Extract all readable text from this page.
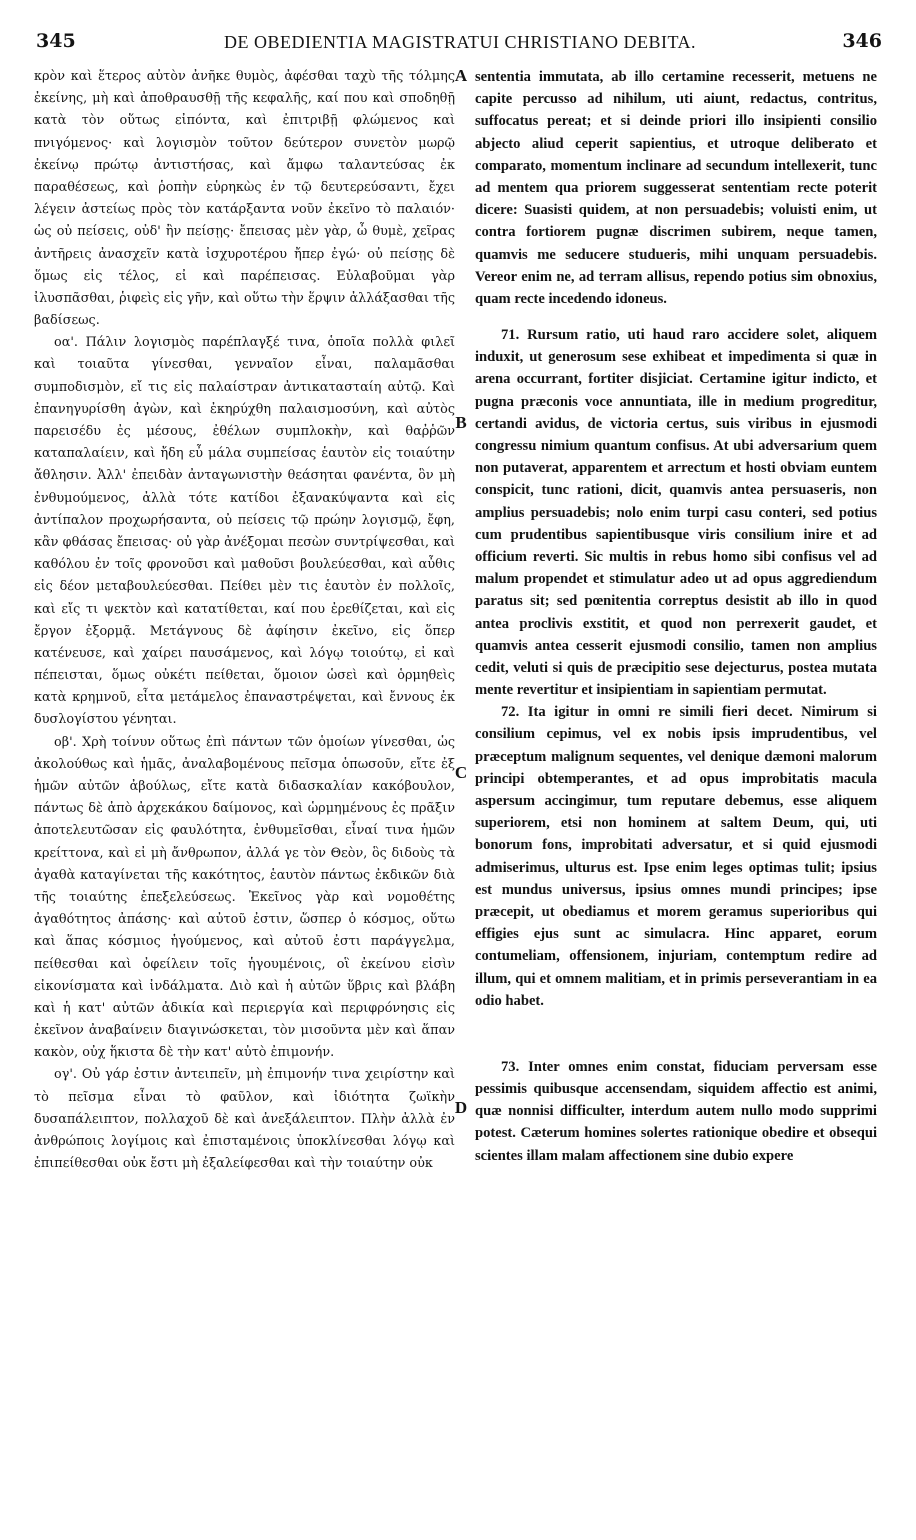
345	DE OBEDIENTIA MAGISTRATUI CHRISTIANO DEBITA.	346

κρὸν καὶ ἕτερος αὐτὸν ἀνῆκε θυμὸς, ἀφέσθαι ταχὺ τῆς τόλμης ἐκείνης, μὴ καὶ ἀποθραυσθῇ τῆς κεφαλῆς, καί που καὶ σποδηθῇ κατὰ τὸν οὕτως εἰπόντα, καὶ ἐπιτριβῇ φλώμενος καὶ πνιγόμενος· καὶ λογισμὸν τοῦτον δεύτερον συνετὸν μωρῷ ἐκείνῳ πρώτῳ ἀντιστήσας, καὶ ἄμφω ταλαντεύσας ἐκ παραθέσεως, καὶ ῥοπὴν εὑρηκὼς ἐν τῷ δευτερεύσαντι, ἔχει λέγειν ἀστείως πρὸς τὸν κατάρξαντα νοῦν ἐκεῖνο τὸ παλαιόν· ὡς οὐ πείσεις, οὐδ' ἢν πείσῃς· ἔπεισας μὲν γὰρ, ὦ θυμὲ, χεῖρας ἀντῆρεις ἀνασχεῖν κατὰ ἰσχυροτέρου ἤπερ ἐγώ· οὐ πείσῃς δὲ ὅμως εἰς τέλος, εἰ καὶ παρέπεισας. Εὐλαβοῦμαι γὰρ ἰλυσπᾶσθαι, ῥιφεὶς εἰς γῆν, καὶ οὕτω τὴν ἕρψιν ἀλλάξασθαι τῆς βαδίσεως.

οα'. Πάλιν λογισμὸς παρέπλαγξέ τινα, ὁποῖα πολλὰ φιλεῖ καὶ τοιαῦτα γίνεσθαι, γενναῖον εἶναι, παλαμᾶσθαι συμποδισμὸν, εἴ τις εἰς παλαίστραν ἀντικατασταίη αὐτῷ. Καὶ ἐπανηγυρίσθη ἀγὼν, καὶ ἐκηρύχθη παλαισμοσύνη, καὶ αὐτὸς παρεισέδυ ἐς μέσους, ἐθέλων συμπλοκὴν, καὶ θαῤῥῶν καταπαλαίειν, καὶ ἤδη εὖ μάλα συμπείσας ἑαυτὸν εἰς τοιαύτην ἄθλησιν. Ἀλλ' ἐπειδὰν ἀνταγωνιστὴν θεάσηται φανέντα, ὃν μὴ ἐνθυμούμενος, ἀλλὰ τότε κατίδοι ἐξανακύψαντα καὶ εἰς ἀντίπαλον προχωρήσαντα, οὐ πείσεις τῷ πρώην λογισμῷ, ἔφη, κἂν φθάσας ἔπεισας· οὐ γὰρ ἀνέξομαι πεσὼν συντρίψεσθαι, καὶ καθόλου ἐν τοῖς φρονοῦσι καὶ μαθοῦσι βουλεύεσθαι, καὶ αὖθις εἰς δέον μεταβουλεύεσθαι. Πείθει μὲν τις ἑαυτὸν ἐν πολλοῖς, καὶ εἴς τι ψεκτὸν καὶ κατατίθεται, καί που ἐρεθίζεται, καὶ εἰς ἔργον ἐξορμᾷ. Μετάγνους δὲ ἀφίησιν ἐκεῖνο, εἰς ὅπερ κατένευσε, καὶ χαίρει παυσάμενος, καὶ λόγῳ τοιούτῳ, εἰ καὶ πέπεισται, ὅμως οὐκέτι πείθεται, ὅμοιον ὡσεὶ καὶ ὁρμηθεὶς κατὰ κρημνοῦ, εἶτα μετάμελος ἐπαναστρέψεται, καὶ ἔννους ἐκ δυσλογίστου γένηται.

οβ'. Χρὴ τοίνυν οὕτως ἐπὶ πάντων τῶν ὁμοίων γίνεσθαι, ὡς ἀκολούθως καὶ ἡμᾶς, ἀναλαβομένους πεῖσμα ὁπωσοῦν, εἴτε ἐξ ἡμῶν αὐτῶν ἀβούλως, εἴτε κατὰ διδασκαλίαν κακόβουλον, πάντως δὲ ἀπὸ ἀρχεκάκου δαίμονος, καὶ ὡρμημένους ἐς πρᾶξιν ἀποτελευτῶσαν εἰς φαυλότητα, ἐνθυμεῖσθαι, εἶναί τινα ἡμῶν κρείττονα, καὶ εἰ μὴ ἄνθρωπον, ἀλλά γε τὸν Θεὸν, ὃς διδοὺς τὰ ἀγαθὰ καταγίνεται τῆς κακότητος, ἑαυτὸν πάντως ἐκδικῶν διὰ τῆς τοιαύτης ἐπεξελεύσεως. Ἐκεῖνος γὰρ καὶ νομοθέτης ἀγαθότητος ἀπάσης· καὶ αὐτοῦ ἐστιν, ὥσπερ ὁ κόσμος, οὕτω καὶ ἅπας κόσμιος ἡγούμενος, καὶ αὐτοῦ ἐστι παράγγελμα, πείθεσθαι καὶ ὀφείλειν τοῖς ἡγουμένοις, οἳ ἐκείνου εἰσὶν εἰκονίσματα καὶ ἰνδάλματα. Διὸ καὶ ἡ αὐτῶν ὕβρις καὶ βλάβη καὶ ἡ κατ' αὐτῶν ἀδικία καὶ περιεργία καὶ περιφρόνησις εἰς ἐκεῖνον ἀναβαίνειν διαγινώσκεται, τὸν μισοῦντα μὲν καὶ ἅπαν κακὸν, οὐχ ἥκιστα δὲ τὴν κατ' αὐτὸ ἐπιμονήν.

ογ'. Οὐ γάρ ἐστιν ἀντειπεῖν, μὴ ἐπιμονήν τινα χειρίστην καὶ τὸ πεῖσμα εἶναι τὸ φαῦλον, καὶ ἰδιότητα ζωϊκὴν δυσαπάλειπτον, πολλαχοῦ δὲ καὶ ἀνεξάλειπτον. Πλὴν ἀλλὰ ἐν ἀνθρώποις λογίμοις καὶ ἐπισταμένοις ὑποκλίνεσθαι λόγῳ καὶ ἐπιπείθεσθαι οὐκ ἔστι μὴ ἐξαλείφεσθαι καὶ τὴν τοιαύτην οὐκ

A
B
C
D

sententia immutata, ab illo certamine recesserit, metuens ne capite percusso ad nihilum, uti aiunt, redactus, contritus, suffocatus pereat; et si deinde priori illo insipienti consilio abjecto aliud ceperit sapientius, et utroque deliberato et comparato, momentum inclinare ad secundum intellexerit, tunc ad mentem qua priorem suggesserat sententiam recte poterit dicere: Suasisti quidem, at non persuadebis; voluisti enim, ut contra fortiorem pugnæ discrimen subirem, neque tamen, quamvis me seducere studueris, mihi unquam persuadebis. Vereor enim ne, ad terram allisus, rependo potius sim obnoxius, quam recte incedendo idoneus.

71. Rursum ratio, uti haud raro accidere solet, aliquem induxit, ut generosum sese exhibeat et impedimenta si quæ in arena occurrant, fortiter disjiciat. Certamine igitur indicto, et pugna præconis voce annuntiata, ille in medium progreditur, certandi avidus, de victoria certus, suis viribus in ejusmodi congressu nimium quantum confisus. At ubi adversarium quem non putaverat, apparentem et arrectum et hosti obviam euntem conspicit, tunc rationi, dicit, quamvis antea persuaseris, non amplius persuadebis; nolo enim turpi casu conteri, sed potius cum prudentibus sapientibusque viris consilium inire et ad officium reverti. Sic multis in rebus homo sibi confisus vel ad malum propendet et stimulatur adeo ut ad opus aggrediendum paratus sit; sed pœnitentia correptus desistit ab illo in quod antea proclivis exstitit, et quod non perrexerit gaudet, et quamvis antea cesserit ejusmodi consilio, tamen non amplius cedit, veluti si quis de præcipitio sese dejecturus, postea mutata mente revertitur et insipientiam in sapientiam permutat.

72. Ita igitur in omni re simili fieri decet. Nimirum si consilium cepimus, vel ex nobis ipsis imprudentibus, vel præceptum malignum sequentes, vel denique dæmoni malorum principi obtemperantes, et ad opus improbitatis macula aspersum accingimur, tum reputare debemus, esse aliquem superiorem, etsi non hominem at saltem Deum, qui, uti bonorum fons, improbitati adversatur, et si quid ejusmodi admiserimus, ulturus est. Ipse enim leges optimas tulit; ipsius est mundus universus, ipsius omnes mundi principes; ipse præcepit, ut obediamus et morem geramus superioribus qui effigies ejus sunt ac simulacra. Hinc apparet, eorum contumeliam, offensionem, injuriam, contemptum redire ad illum, qui et omnem malitiam, et in primis perseverantiam in ea odio habet.

73. Inter omnes enim constat, fiduciam perversam esse pessimis quibusque accensendam, siquidem affectio est animi, quæ nonnisi difficulter, interdum autem nullo modo supprimi potest. Cæterum homines solertes rationique obedire et obsequi scientes illam malam affectionem sine dubio expere
